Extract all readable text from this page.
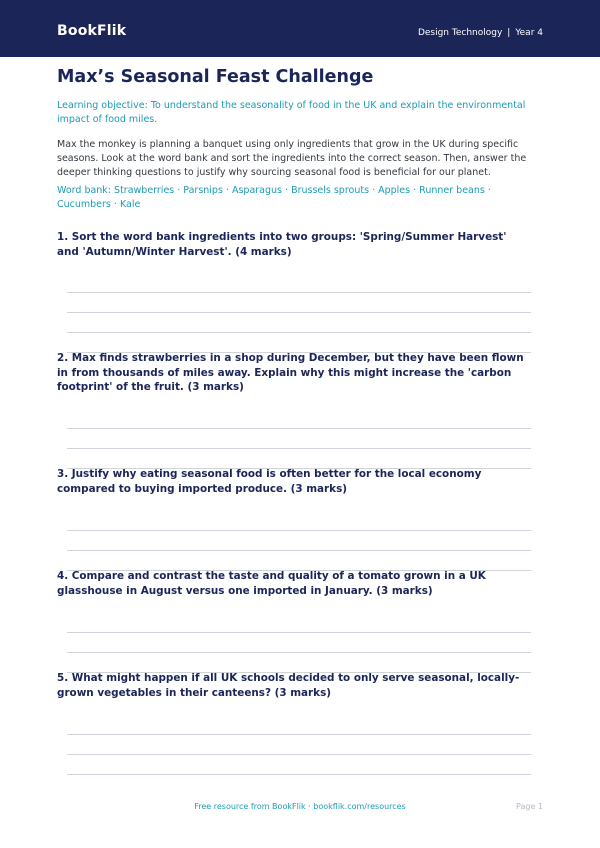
BookFlik	Design Technology | Year 4
Max’s Seasonal Feast Challenge

Learning objective: To understand the seasonality of food in the UK and explain the environmental impact of food miles.

Max the monkey is planning a banquet using only ingredients that grow in the UK during specific seasons. Look at the word bank and sort the ingredients into the correct season. Then, answer the deeper thinking questions to justify why sourcing seasonal food is beneficial for our planet.

Word bank: Strawberries · Parsnips · Asparagus · Brussels sprouts · Apples · Runner beans · Cucumbers · Kale

1. Sort the word bank ingredients into two groups: 'Spring/Summer Harvest' and 'Autumn/Winter Harvest'. (4 marks)

2. Max finds strawberries in a shop during December, but they have been flown in from thousands of miles away. Explain why this might increase the 'carbon footprint' of the fruit. (3 marks)

3. Justify why eating seasonal food is often better for the local economy compared to buying imported produce. (3 marks)

4. Compare and contrast the taste and quality of a tomato grown in a UK glasshouse in August versus one imported in January. (3 marks)

5. What might happen if all UK schools decided to only serve seasonal, locally-grown vegetables in their canteens? (3 marks)

Free resource from BookFlik · bookflik.com/resources	Page 1
